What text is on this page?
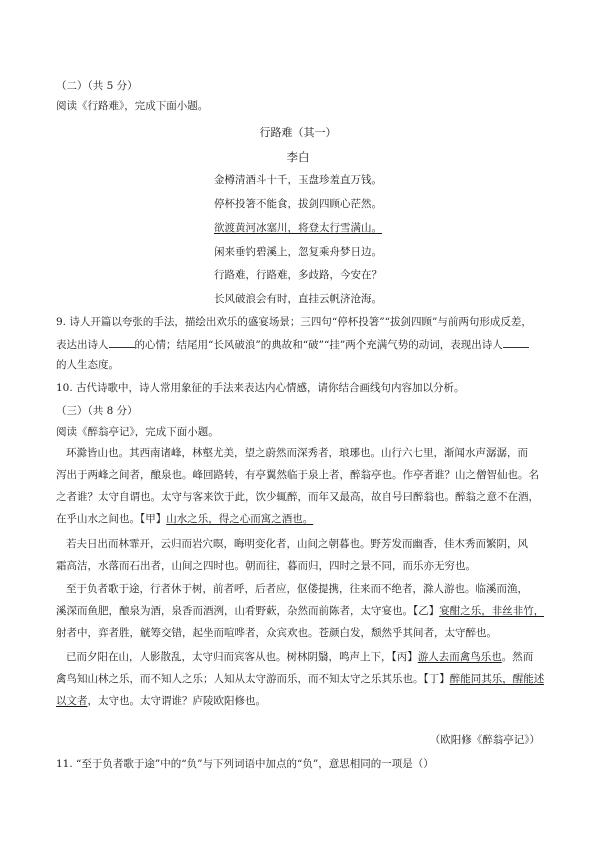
（二）（共 5 分）
阅读《行路难》，完成下面小题。
行路难（其一）
李白
金樽清酒斗十千，玉盘珍羞直万钱。
停杯投箸不能食，拔剑四顾心茫然。
欲渡黄河冰塞川，将登太行雪满山。
闲来垂钓碧溪上，忽复乘舟梦日边。
行路难，行路难，多歧路，今安在？
长风破浪会有时，直挂云帆济沧海。
9. 诗人开篇以夸张的手法，描绘出欢乐的盛宴场景；三四句“停杯投箸”“拔剑四顾”与前两句形成反差，
表达出诗人 的心情；结尾用“长风破浪”的典故和“破”“挂”两个充满气势的动词，表现出诗人
的人生态度。
10. 古代诗歌中，诗人常用象征的手法来表达内心情感，请你结合画线句内容加以分析。
（三）（共 8 分）
阅读《醉翁亭记》，完成下面小题。
环滁皆山也。其西南诸峰，林壑尤美，望之蔚然而深秀者，琅琊也。山行六七里，渐闻水声潺潺，而
泻出于两峰之间者，酿泉也。峰回路转，有亭翼然临于泉上者，醉翁亭也。作亭者谁？山之僧智仙也。名
之者谁？太守自谓也。太守与客来饮于此，饮少辄醉，而年又最高，故自号曰醉翁也。醉翁之意不在酒，
在乎山水之间也。【甲】山水之乐，得之心而寓之酒也。
若夫日出而林霏开，云归而岩穴暝，晦明变化者，山间之朝暮也。野芳发而幽香，佳木秀而繁阴，风
霜高洁，水落而石出者，山间之四时也。朝而往，暮而归，四时之景不同，而乐亦无穷也。
至于负者歌于途，行者休于树，前者呼，后者应，伛偻提携，往来而不绝者，滁人游也。临溪而渔，
溪深而鱼肥，酿泉为酒，泉香而酒洌，山肴野蔌，杂然而前陈者，太守宴也。【乙】宴酣之乐，非丝非竹，
射者中，弈者胜，觥筹交错，起坐而喧哗者，众宾欢也。苍颜白发，颓然乎其间者，太守醉也。
已而夕阳在山，人影散乱，太守归而宾客从也。树林阴翳，鸣声上下，【丙】游人去而禽鸟乐也。然而
禽鸟知山林之乐，而不知人之乐；人知从太守游而乐，而不知太守之乐其乐也。【丁】醉能同其乐，醒能述
以文者，太守也。太守谓谁？庐陵欧阳修也。
（欧阳修《醉翁亭记》）
11. “至于负者歌于途”中的“负”与下列词语中加点的“负”，意思相同的一项是（）
